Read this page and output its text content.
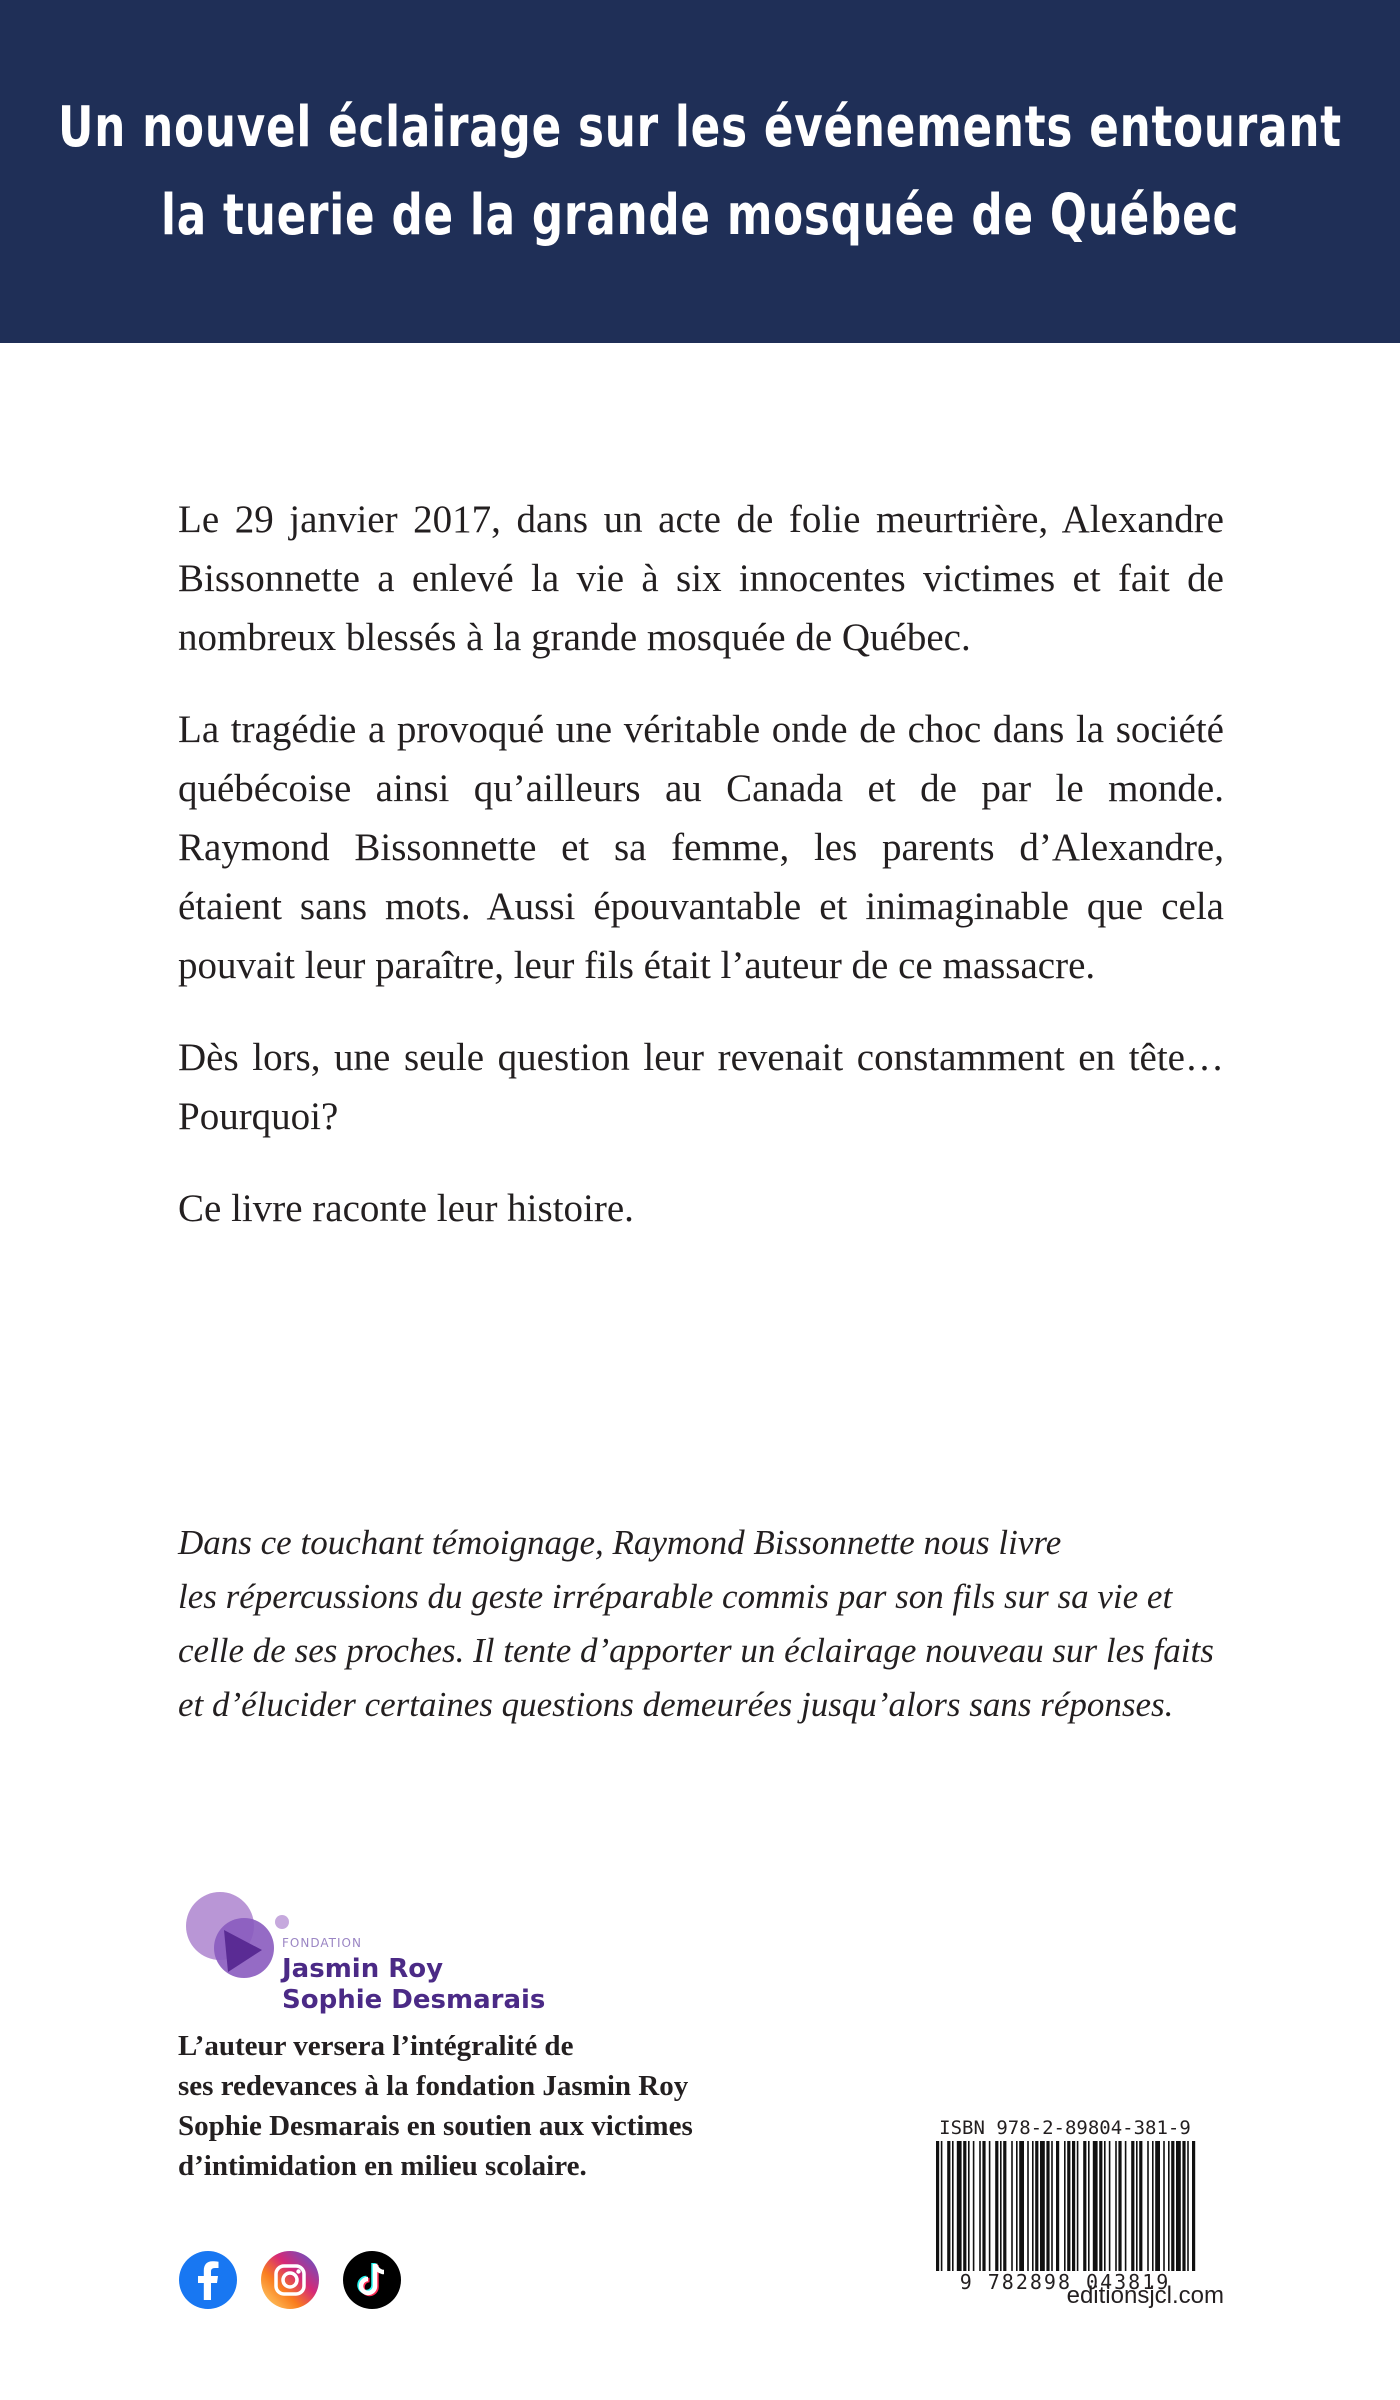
Un nouvel éclairage sur les événements entourant
la tuerie de la grande mosquée de Québec

Le 29 janvier 2017, dans un acte de folie meurtrière, Alexandre Bissonnette a enlevé la vie à six innocentes victimes et fait de nombreux blessés à la grande mosquée de Québec.

La tragédie a provoqué une véritable onde de choc dans la société québécoise ainsi qu’ailleurs au Canada et de par le monde. Raymond Bissonnette et sa femme, les parents d’Alexandre, étaient sans mots. Aussi épouvantable et inimaginable que cela pouvait leur paraître, leur fils était l’auteur de ce massacre.

Dès lors, une seule question leur revenait constamment en tête… Pourquoi?

Ce livre raconte leur histoire.

Dans ce touchant témoignage, Raymond Bissonnette nous livre
les répercussions du geste irréparable commis par son fils sur sa vie et
celle de ses proches. Il tente d’apporter un éclairage nouveau sur les faits
et d’élucider certaines questions demeurées jusqu’alors sans réponses.
FONDATION
Jasmin Roy
Sophie Desmarais
L’auteur versera l’intégralité de
ses redevances à la fondation Jasmin Roy
Sophie Desmarais en soutien aux victimes
d’intimidation en milieu scolaire.
ISBN 978-2-89804-381-9
9 782898 043819
editionsjcl.com
